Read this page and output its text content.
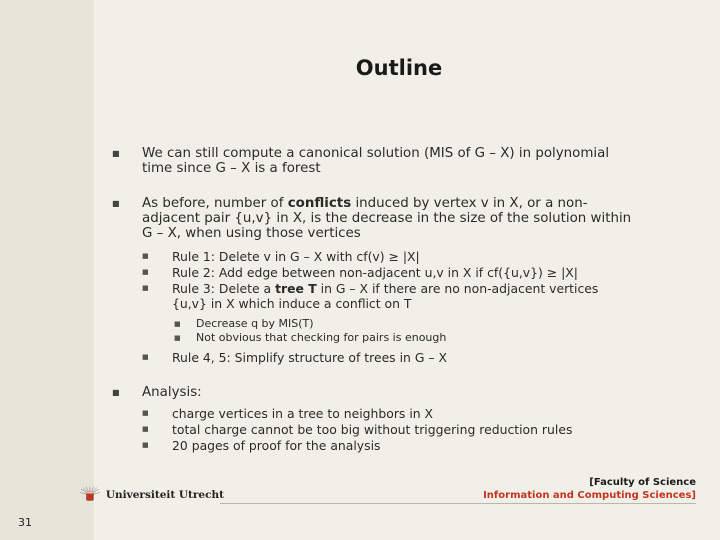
Outline
■ We can still compute a canonical solution (MIS of G – X) in polynomial time since G – X is a forest
■ As before, number of conflicts induced by vertex v in X, or a non-adjacent pair {u,v} in X, is the decrease in the size of the solution within G – X, when using those vertices
■ Rule 1: Delete v in G – X with cf(v) ≥ |X|
■ Rule 2: Add edge between non-adjacent u,v in X if cf({u,v}) ≥ |X|
■ Rule 3: Delete a tree T in G – X if there are no non-adjacent vertices {u,v} in X which induce a conflict on T
■ Decrease q by MIS(T)
■ Not obvious that checking for pairs is enough
■ Rule 4, 5: Simplify structure of trees in G – X
■ Analysis:
■ charge vertices in a tree to neighbors in X
■ total charge cannot be too big without triggering reduction rules
■ 20 pages of proof for the analysis
Universiteit Utrecht
[Faculty of Science
Information and Computing Sciences]
31
